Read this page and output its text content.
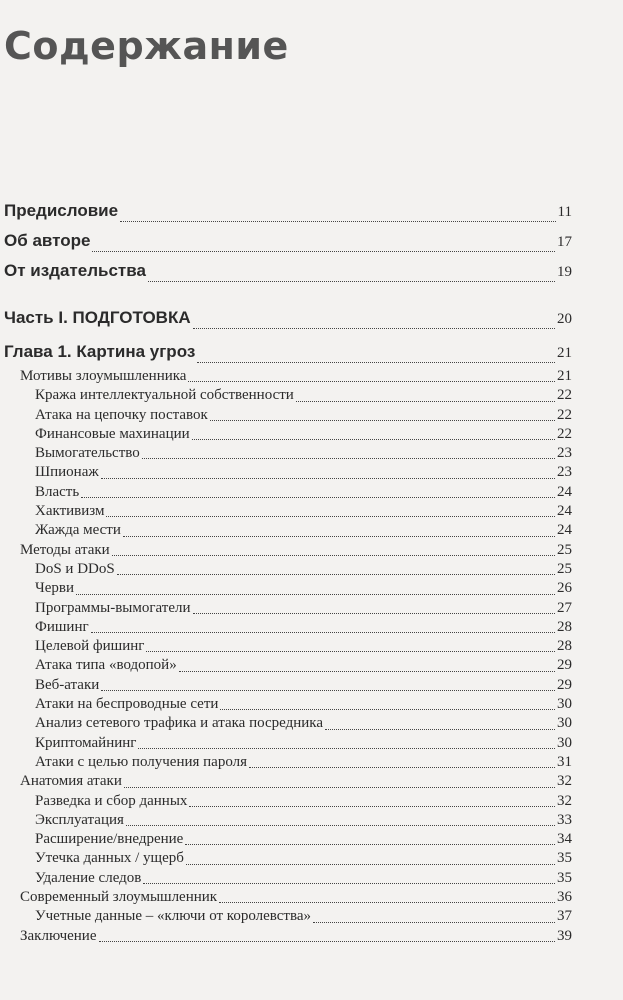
Содержание
Предисловие	11
Об авторе	17
От издательства	19
Часть I. ПОДГОТОВКА	20
Глава 1. Картина угроз	21
Мотивы злоумышленника	21
Кража интеллектуальной собственности	22
Атака на цепочку поставок	22
Финансовые махинации	22
Вымогательство	23
Шпионаж	23
Власть	24
Хактивизм	24
Жажда мести	24
Методы атаки	25
DoS и DDoS	25
Черви	26
Программы-вымогатели	27
Фишинг	28
Целевой фишинг	28
Атака типа «водопой»	29
Веб-атаки	29
Атаки на беспроводные сети	30
Анализ сетевого трафика и атака посредника	30
Криптомайнинг	30
Атаки с целью получения пароля	31
Анатомия атаки	32
Разведка и сбор данных	32
Эксплуатация	33
Расширение/внедрение	34
Утечка данных / ущерб	35
Удаление следов	35
Современный злоумышленник	36
Учетные данные – «ключи от королевства»	37
Заключение	39
